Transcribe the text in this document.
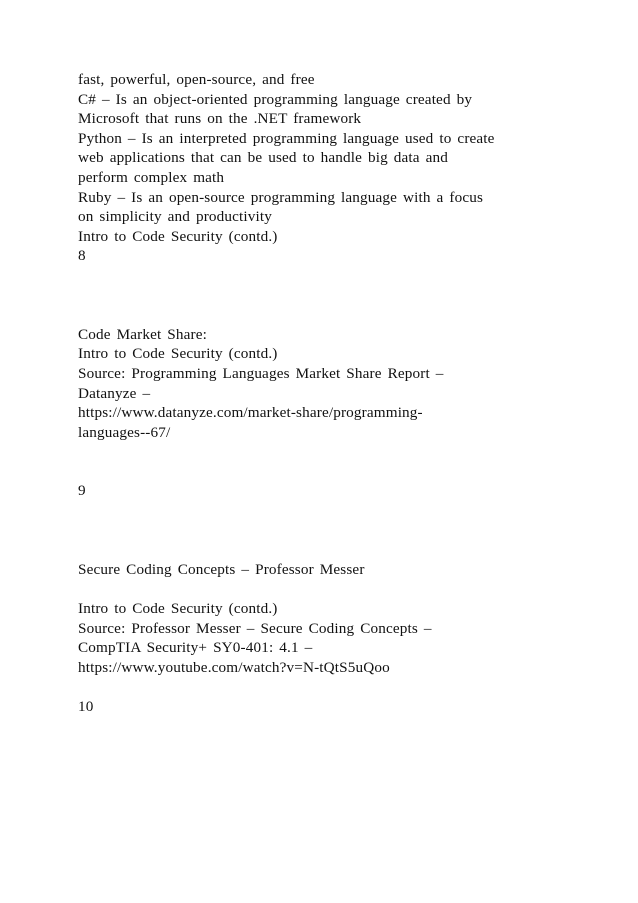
fast, powerful, open-source, and free
C# – Is an object-oriented programming language created by
Microsoft that runs on the .NET framework
Python – Is an interpreted programming language used to create
web applications that can be used to handle big data and
perform complex math
Ruby – Is an open-source programming language with a focus
on simplicity and productivity
Intro to Code Security (contd.)
8
Code Market Share:
Intro to Code Security (contd.)
Source: Programming Languages Market Share Report –
Datanyze –
https://www.datanyze.com/market-share/programming-
languages--67/
9
Secure Coding Concepts – Professor Messer
Intro to Code Security (contd.)
Source: Professor Messer – Secure Coding Concepts –
CompTIA Security+ SY0-401: 4.1 –
https://www.youtube.com/watch?v=N-tQtS5uQoo
10
